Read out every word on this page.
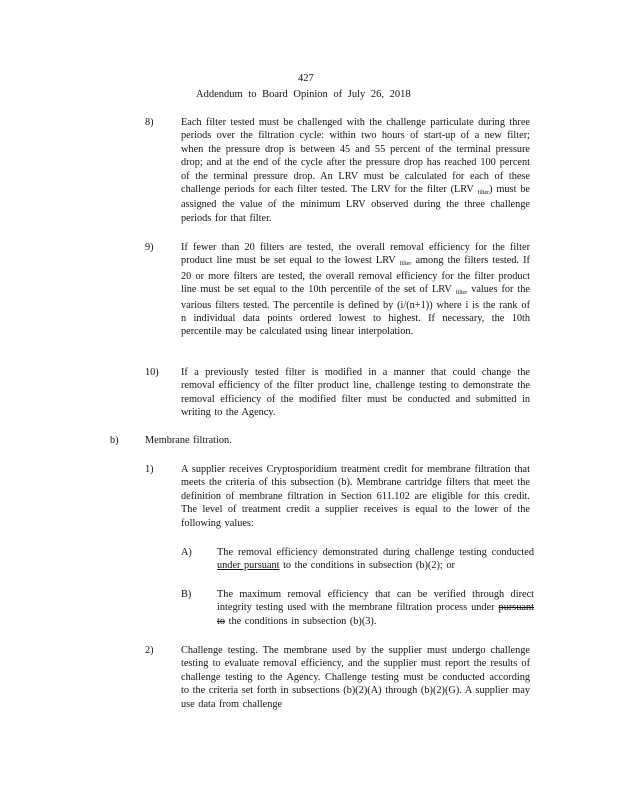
427
Addendum to Board Opinion of July 26, 2018
8)	Each filter tested must be challenged with the challenge particulate during three periods over the filtration cycle: within two hours of start-up of a new filter; when the pressure drop is between 45 and 55 percent of the terminal pressure drop; and at the end of the cycle after the pressure drop has reached 100 percent of the terminal pressure drop. An LRV must be calculated for each of these challenge periods for each filter tested. The LRV for the filter (LRV filter) must be assigned the value of the minimum LRV observed during the three challenge periods for that filter.
9)	If fewer than 20 filters are tested, the overall removal efficiency for the filter product line must be set equal to the lowest LRV filter among the filters tested. If 20 or more filters are tested, the overall removal efficiency for the filter product line must be set equal to the 10th percentile of the set of LRV filter values for the various filters tested. The percentile is defined by (i/(n+1)) where i is the rank of n individual data points ordered lowest to highest. If necessary, the 10th percentile may be calculated using linear interpolation.
10) If a previously tested filter is modified in a manner that could change the removal efficiency of the filter product line, challenge testing to demonstrate the removal efficiency of the modified filter must be conducted and submitted in writing to the Agency.
b)	Membrane filtration.
1)	A supplier receives Cryptosporidium treatment credit for membrane filtration that meets the criteria of this subsection (b). Membrane cartridge filters that meet the definition of membrane filtration in Section 611.102 are eligible for this credit. The level of treatment credit a supplier receives is equal to the lower of the following values:
A) The removal efficiency demonstrated during challenge testing conducted under pursuant to the conditions in subsection (b)(2); or
B) The maximum removal efficiency that can be verified through direct integrity testing used with the membrane filtration process under pursuant to the conditions in subsection (b)(3).
2)	Challenge testing. The membrane used by the supplier must undergo challenge testing to evaluate removal efficiency, and the supplier must report the results of challenge testing to the Agency. Challenge testing must be conducted according to the criteria set forth in subsections (b)(2)(A) through (b)(2)(G). A supplier may use data from challenge
